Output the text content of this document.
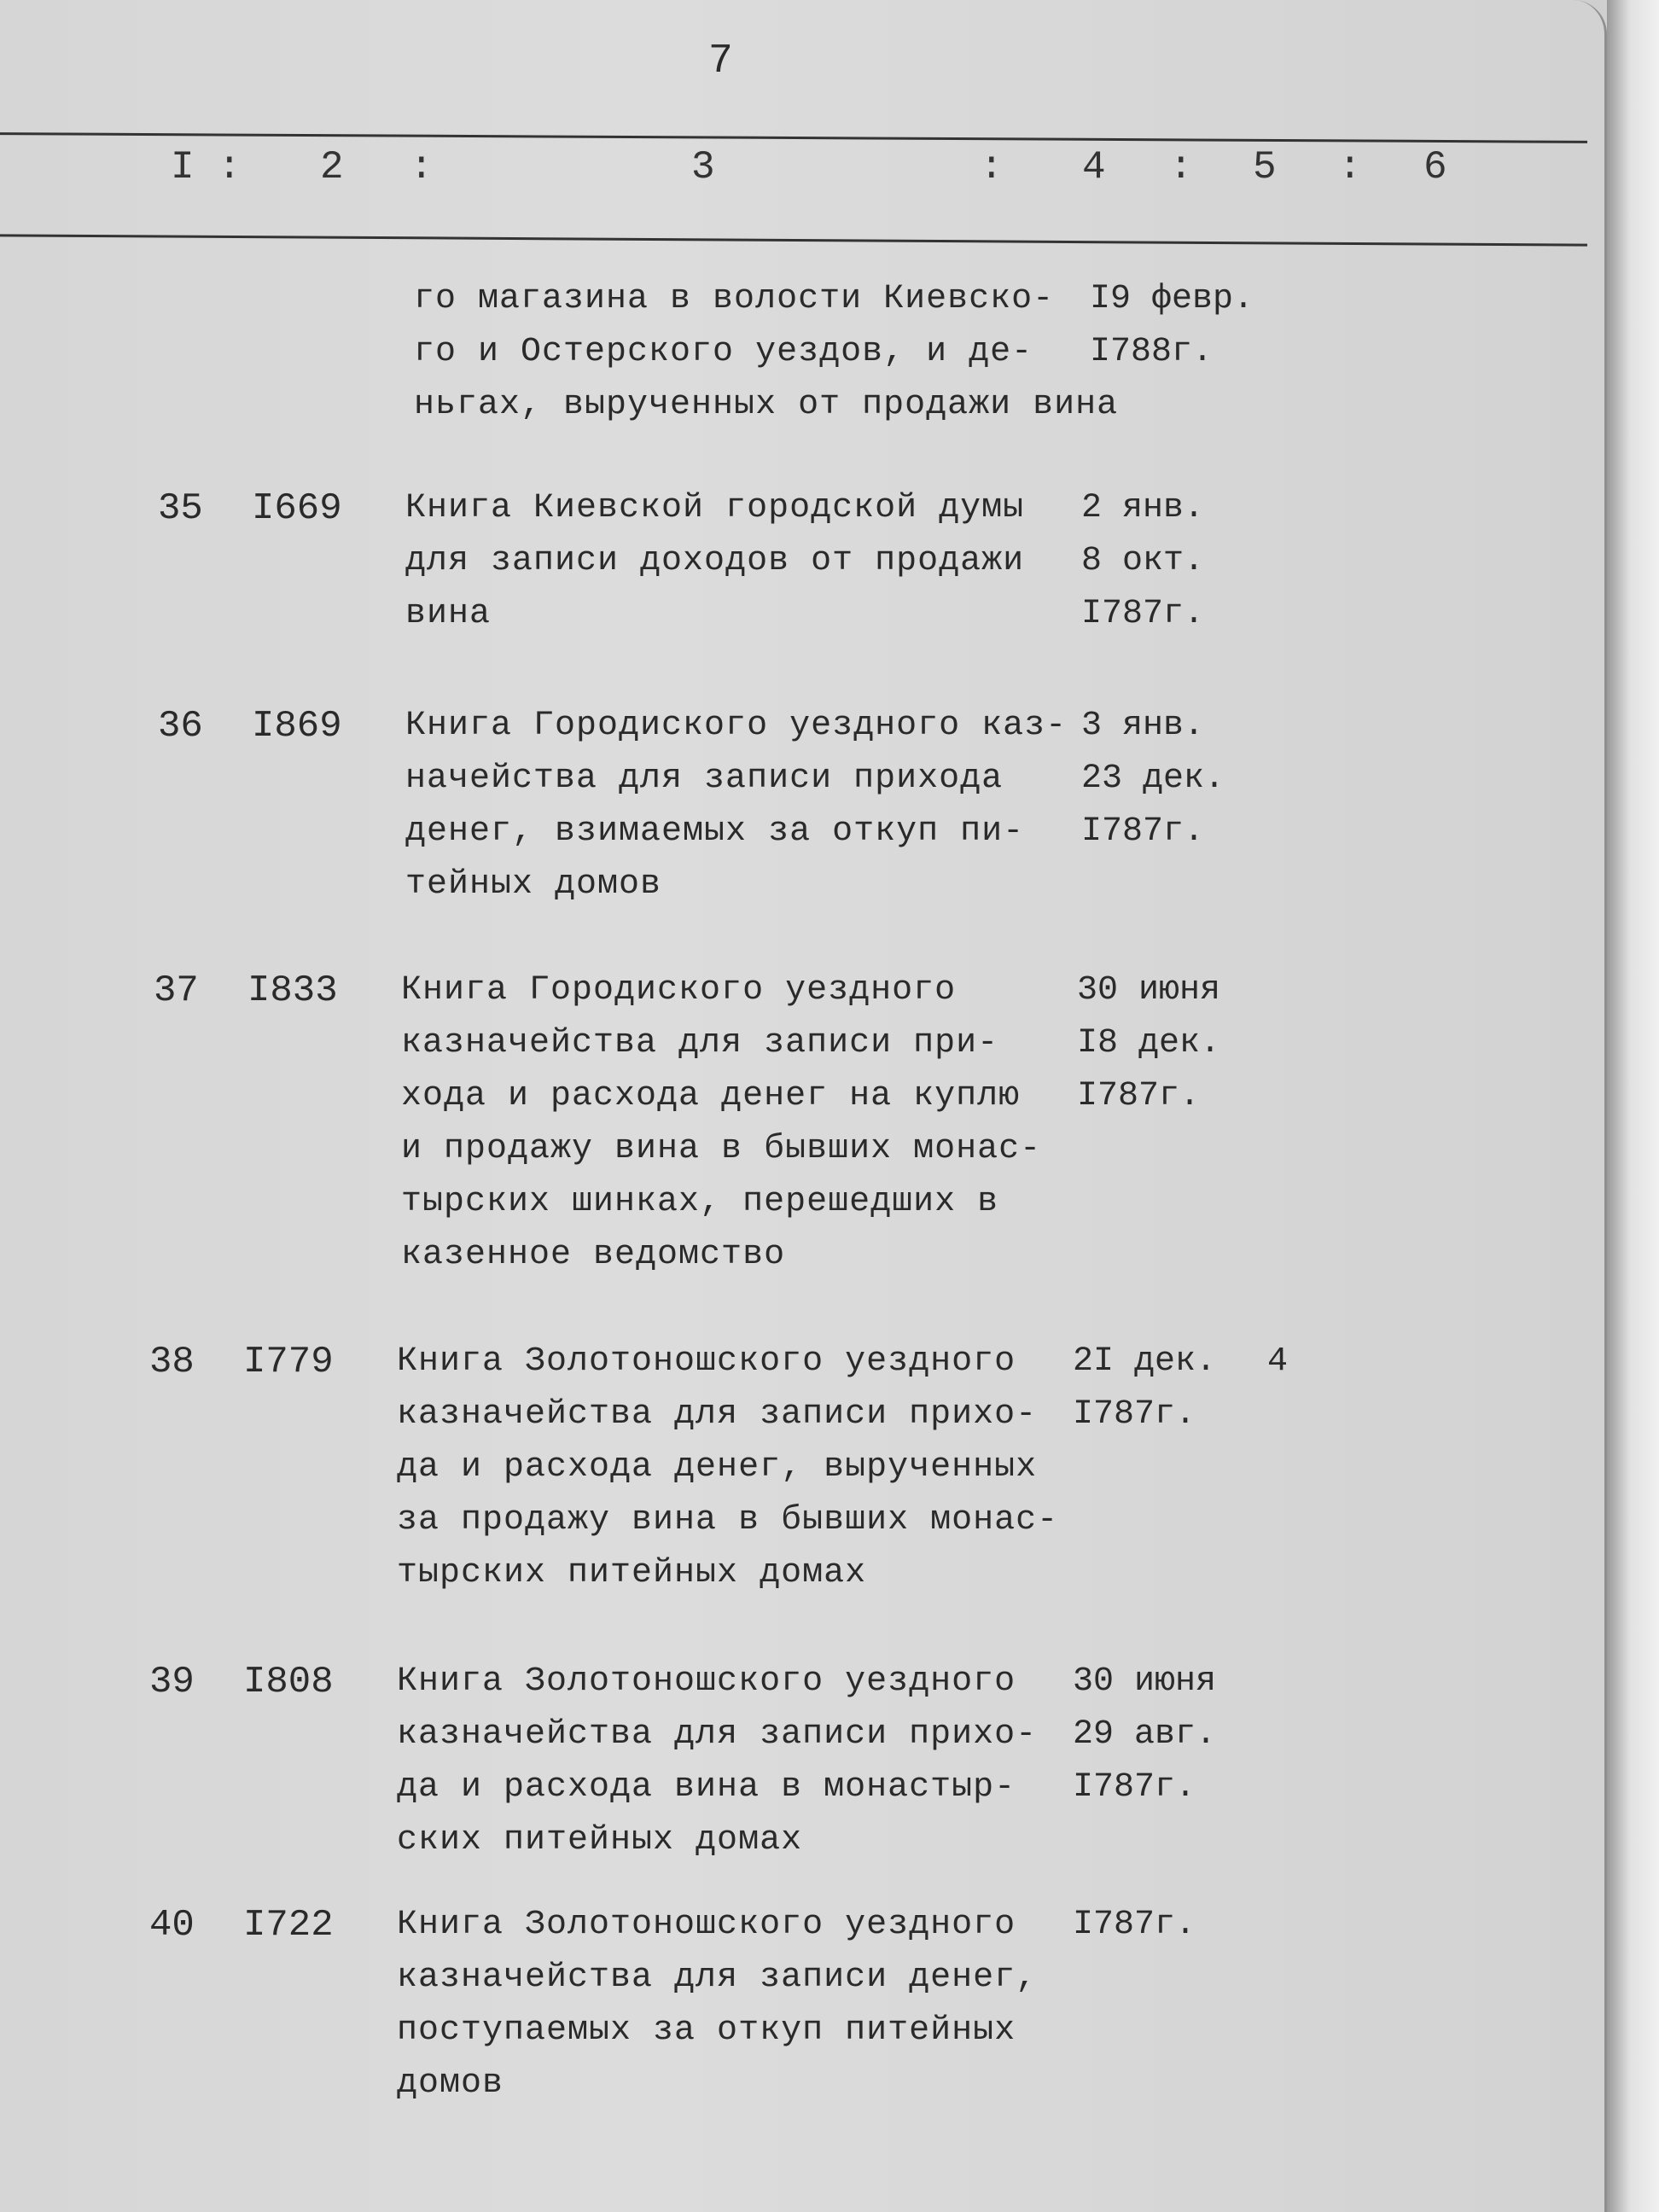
7
I : 2 :	3	: 4 : 5 : 6
го магазина в волости Киевско-
го и Остерского уездов, и де-
ньгах, вырученных от продажи вина
I9 февр.
I788г.
35 I669 Книга Киевской городской думы
для записи доходов от продажи
вина
2 янв.
8 окт.
I787г.
36 I869 Книга Городиского уездного каз-
начейства для записи прихода
денег, взимаемых за откуп пи-
тейных домов
3 янв.
23 дек.
I787г.
37 I833 Книга Городиского уездного
казначейства для записи при-
хода и расхода денег на куплю
и продажу вина в бывших монас-
тырских шинках, перешедших в
казенное ведомство
30 июня
I8 дек.
I787г.
38 I779 Книга Золотоношского уездного
казначейства для записи прихо-
да и расхода денег, вырученных
за продажу вина в бывших монас-
тырских питейных домах
2I дек.
I787г.
4
39 I808 Книга Золотоношского уездного
казначейства для записи прихо-
да и расхода вина в монастыр-
ских питейных домах
30 июня
29 авг.
I787г.
40 I722 Книга Золотоношского уездного
казначейства для записи денег,
поступаемых за откуп питейных
домов
I787г.
